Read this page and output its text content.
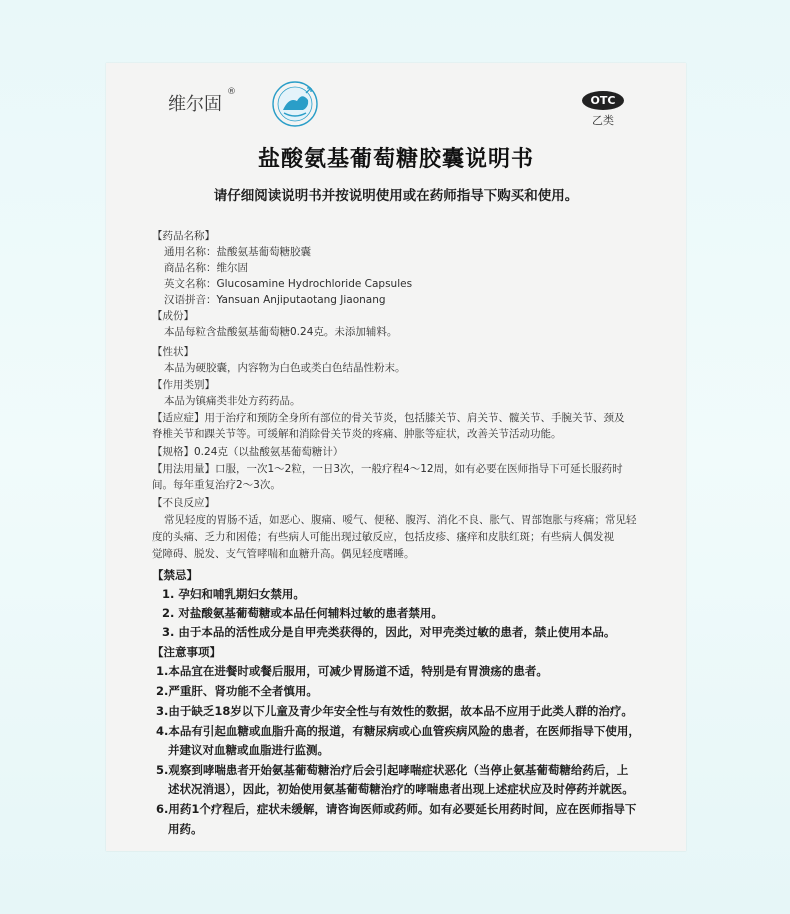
维尔固
®
OTC
乙类
盐酸氨基葡萄糖胶囊说明书
请仔细阅读说明书并按说明使用或在药师指导下购买和使用。
【药品名称】
通用名称：盐酸氨基葡萄糖胶囊
商品名称：维尔固
英文名称：Glucosamine Hydrochloride Capsules
汉语拼音：Yansuan Anjiputaotang Jiaonang
【成份】
本品每粒含盐酸氨基葡萄糖0.24克。未添加辅料。
【性状】
本品为硬胶囊，内容物为白色或类白色结晶性粉末。
【作用类别】
本品为镇痛类非处方药药品。
【适应症】用于治疗和预防全身所有部位的骨关节炎，包括膝关节、肩关节、髋关节、手腕关节、颈及
脊椎关节和踝关节等。可缓解和消除骨关节炎的疼痛、肿胀等症状，改善关节活动功能。
【规格】0.24克（以盐酸氨基葡萄糖计）
【用法用量】口服，一次1～2粒，一日3次，一般疗程4～12周，如有必要在医师指导下可延长服药时
间。每年重复治疗2～3次。
【不良反应】
常见轻度的胃肠不适，如恶心、腹痛、嗳气、便秘、腹泻、消化不良、胀气、胃部饱胀与疼痛；常见轻
度的头痛、乏力和困倦；有些病人可能出现过敏反应，包括皮疹、瘙痒和皮肤红斑；有些病人偶发视
觉障碍、脱发、支气管哮喘和血糖升高。偶见轻度嗜睡。
【禁忌】
1. 孕妇和哺乳期妇女禁用。
2. 对盐酸氨基葡萄糖或本品任何辅料过敏的患者禁用。
3. 由于本品的活性成分是自甲壳类获得的，因此，对甲壳类过敏的患者，禁止使用本品。
【注意事项】
1.本品宜在进餐时或餐后服用，可减少胃肠道不适，特别是有胃溃疡的患者。
2.严重肝、肾功能不全者慎用。
3.由于缺乏18岁以下儿童及青少年安全性与有效性的数据，故本品不应用于此类人群的治疗。
4.本品有引起血糖或血脂升高的报道，有糖尿病或心血管疾病风险的患者，在医师指导下使用，
并建议对血糖或血脂进行监测。
5.观察到哮喘患者开始氨基葡萄糖治疗后会引起哮喘症状恶化（当停止氨基葡萄糖给药后，上
述状况消退），因此，初始使用氨基葡萄糖治疗的哮喘患者出现上述症状应及时停药并就医。
6.用药1个疗程后，症状未缓解，请咨询医师或药师。如有必要延长用药时间，应在医师指导下
用药。
